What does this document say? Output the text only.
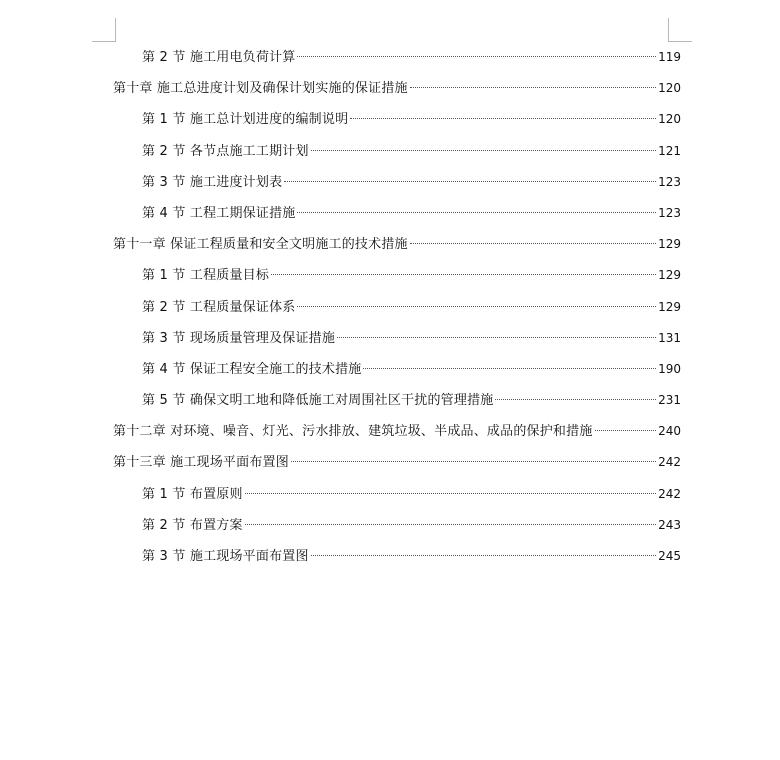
第 2 节 施工用电负荷计算	119
第十章 施工总进度计划及确保计划实施的保证措施	120
第 1 节 施工总计划进度的编制说明	120
第 2 节 各节点施工工期计划	121
第 3 节 施工进度计划表	123
第 4 节 工程工期保证措施	123
第十一章 保证工程质量和安全文明施工的技术措施	129
第 1 节 工程质量目标	129
第 2 节 工程质量保证体系	129
第 3 节 现场质量管理及保证措施	131
第 4 节 保证工程安全施工的技术措施	190
第 5 节 确保文明工地和降低施工对周围社区干扰的管理措施	231
第十二章 对环境、噪音、灯光、污水排放、建筑垃圾、半成品、成品的保护和措施	240
第十三章 施工现场平面布置图	242
第 1 节 布置原则	242
第 2 节 布置方案	243
第 3 节 施工现场平面布置图	245
